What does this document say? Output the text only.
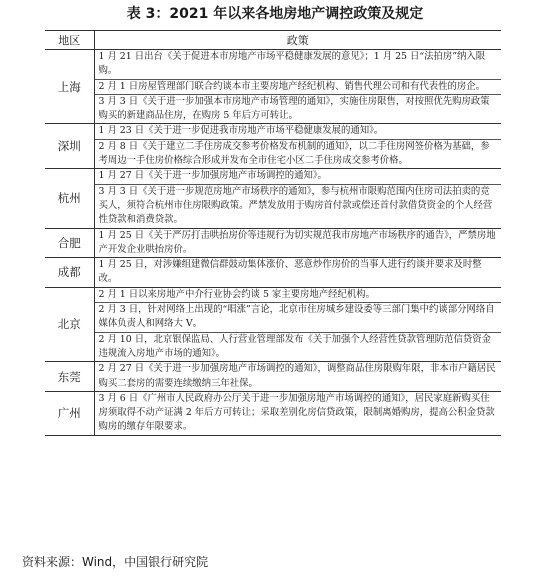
表 3：2021 年以来各地房地产调控政策及规定
地区	政策
上海	1 月 21 日出台《关于促进本市房地产市场平稳健康发展的意见》；1 月 25 日“法拍房”纳入限购。
2 月 1 日房屋管理部门联合约谈本市主要房地产经纪机构、销售代理公司和有代表性的房企。
3 月 3 日《关于进一步加强本市房地产市场管理的通知》，实施住房限售，对按照优先购房政策购买的新建商品住房，在购房 5 年后方可转让。

深圳	1 月 23 日《关于进一步促进我市房地产市场平稳健康发展的通知》。
2 月 8 日《关于建立二手住房成交参考价格发布机制的通知》，以二手住房网签价格为基础，参考周边一手住房价格综合形成并发布全市住宅小区二手住房成交参考价格。

杭州	1 月 27 日《关于进一步加强房地产市场调控的通知》。
3 月 3 日《关于进一步规范房地产市场秩序的通知》，参与杭州市限购范围内住房司法拍卖的竞买人，须符合杭州市住房限购政策。严禁发放用于购房首付款或偿还首付款借贷资金的个人经营性贷款和消费贷款。

合肥	1 月 25 日《关于严厉打击哄抬房价等违规行为切实规范我市房地产市场秩序的通告》，严禁房地产开发企业哄抬房价。

成都	1 月 25 日，对涉嫌组建微信群鼓动集体涨价、恶意炒作房价的当事人进行约谈并要求及时整改。

北京	2 月 1 日以来房地产中介行业协会约谈 5 家主要房地产经纪机构。
2 月 3 日，针对网络上出现的“唱涨”言论，北京市住房城乡建设委等三部门集中约谈部分网络自媒体负责人和网络大 V。
2 月 10 日，北京银保监局、人行营业管理部发布《关于加强个人经营性贷款管理防范信贷资金违规流入房地产市场的通知》。

东莞	2 月 27 日《关于进一步加强房地产市场调控的通知》，调整商品住房限购年限，非本市户籍居民购买二套房的需要连续缴纳三年社保。

广州	3 月 6 日《广州市人民政府办公厅关于进一步加强房地产市场调控的通知》，居民家庭新购买住房须取得不动产证满 2 年后方可转让；采取差别化房信贷政策，限制离婚购房，提高公积金贷款购房的缴存年限要求。
资料来源：Wind，中国银行研究院
